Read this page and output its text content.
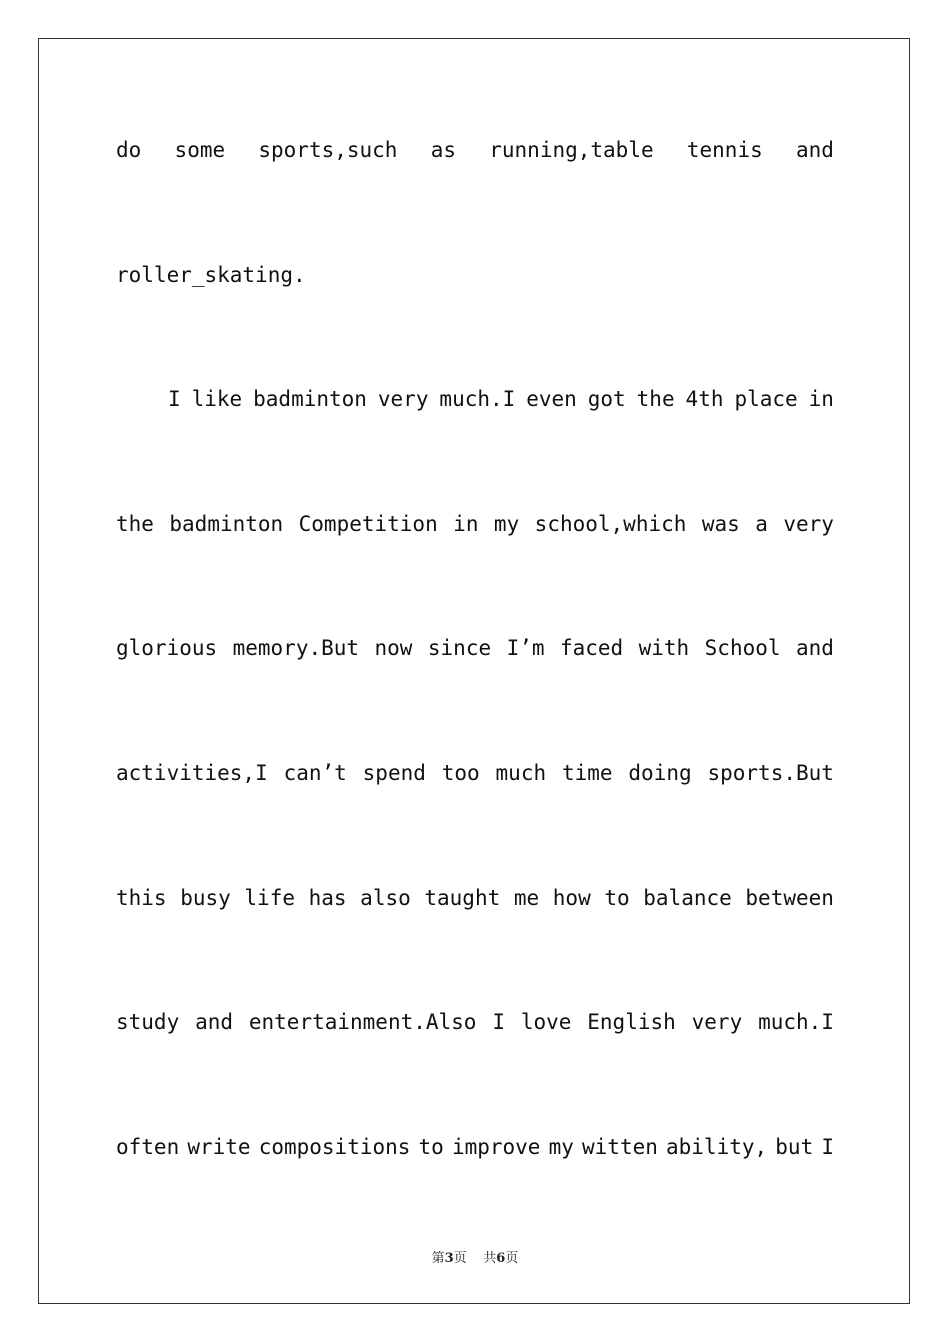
do some sports,such as running,table tennis and
roller_skating.
I like badminton very much.I even got the 4th place in
the badminton Competition in my school,which was a very
glorious memory.But now since I’m faced with School and
activities,I can’t spend too much time doing sports.But
this busy life has also taught me how to balance between
study and entertainment.Also I love English very much.I
often write compositions to improve my witten ability, but I
第3页 共6页
